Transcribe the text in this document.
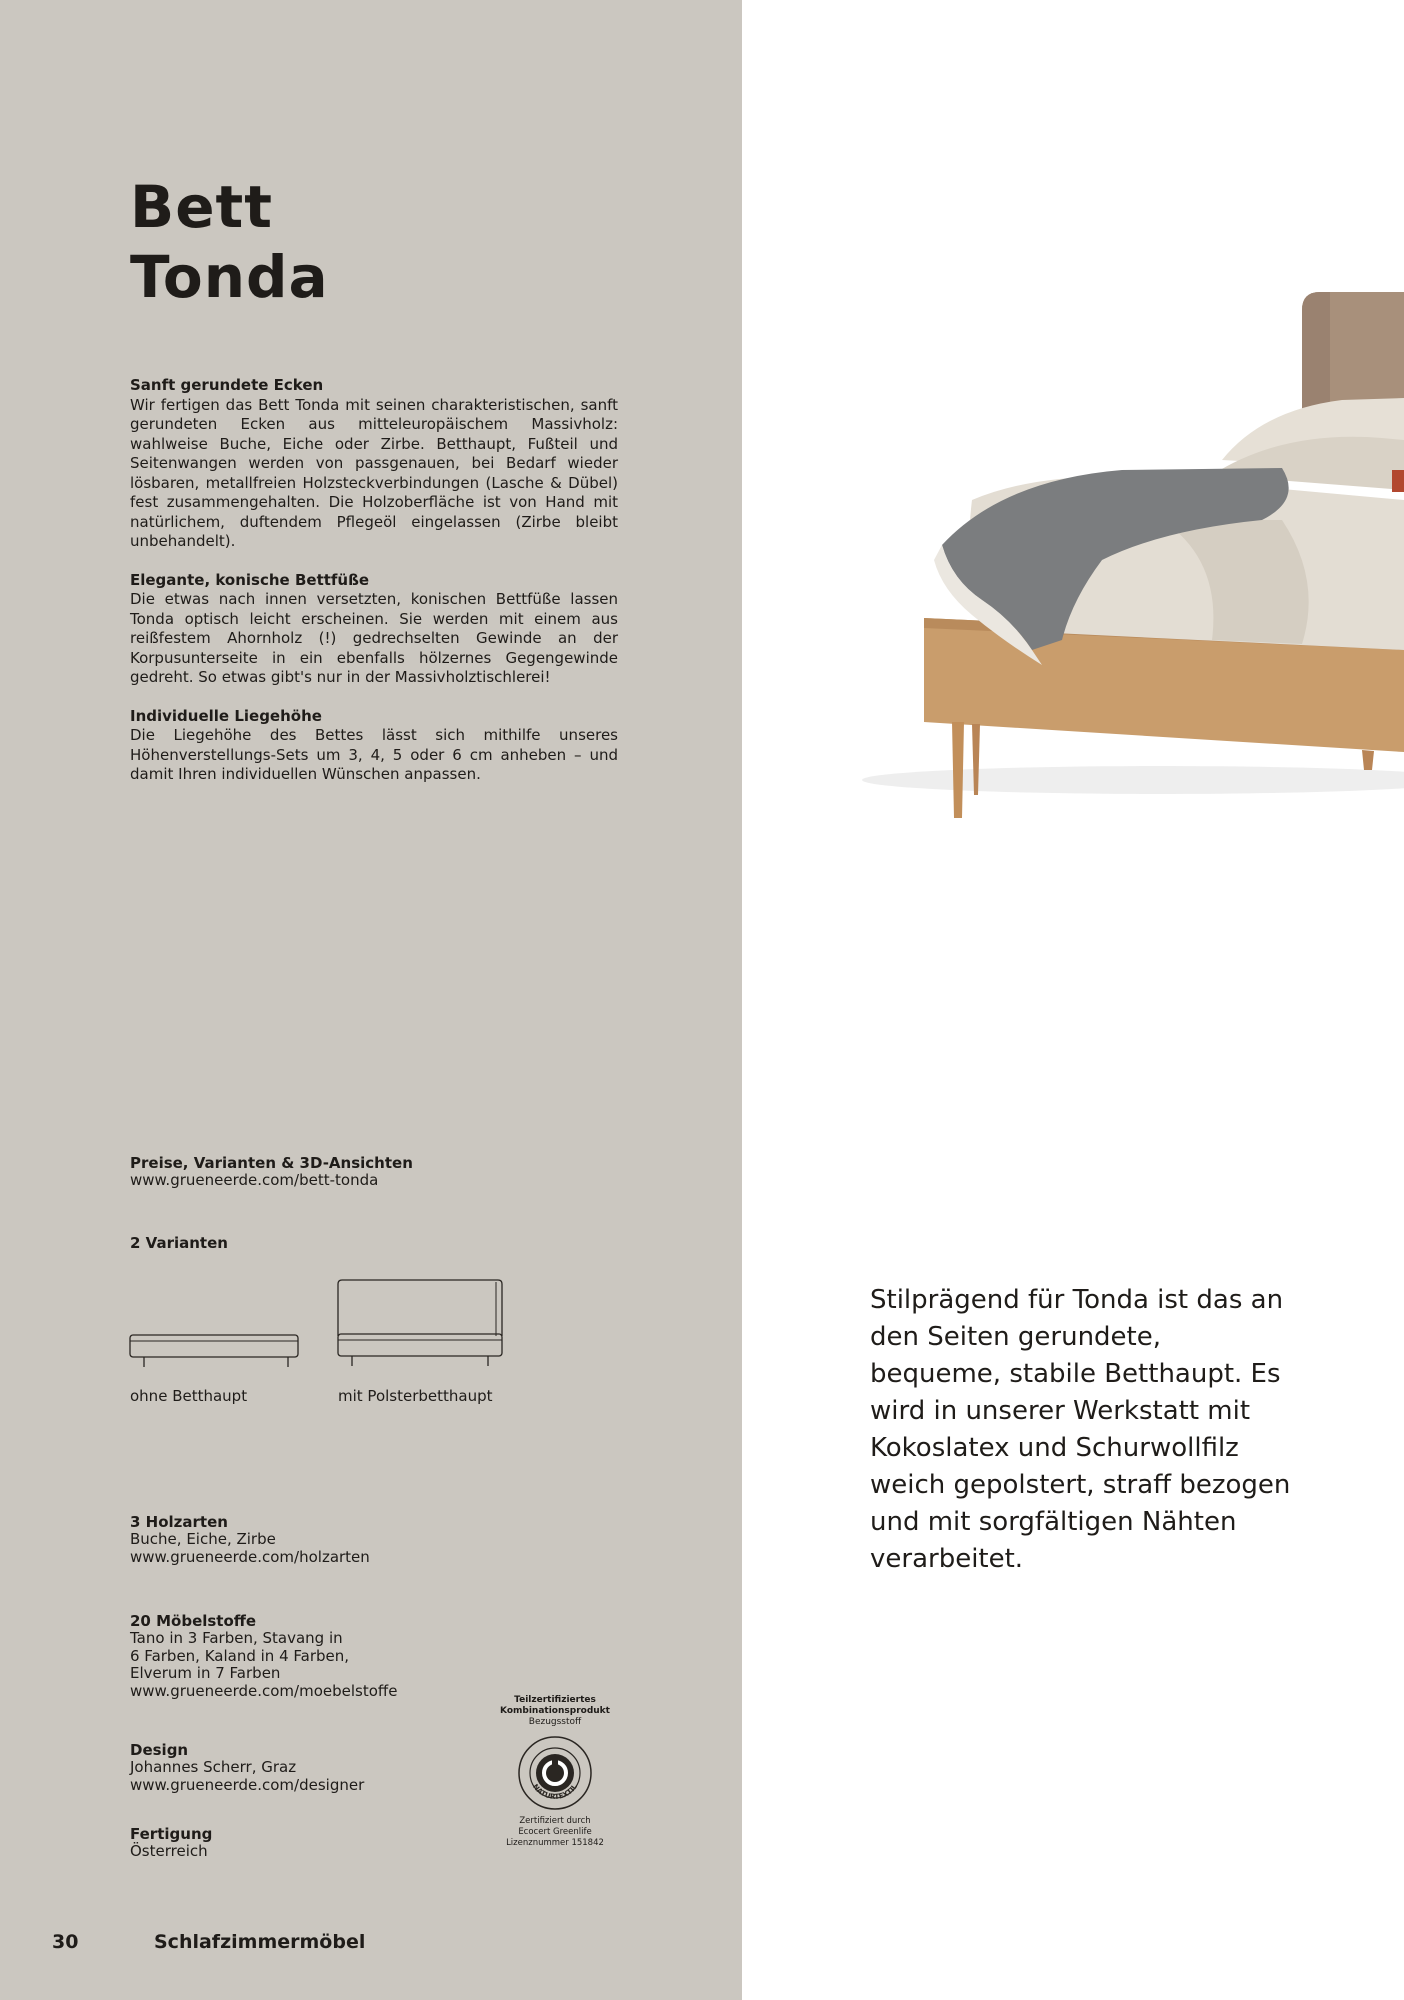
Bett
Tonda
Sanft gerundete Ecken

Wir fertigen das Bett Tonda mit seinen charakteristischen, sanft gerundeten Ecken aus mitteleuropäischem Massivholz: wahlweise Buche, Eiche oder Zirbe. Betthaupt, Fußteil und Seitenwangen werden von passgenauen, bei Bedarf wieder lösbaren, metallfreien Holzsteckverbindungen (Lasche & Dübel) fest zusammengehalten. Die Holzoberfläche ist von Hand mit natürlichem, duftendem Pflegeöl eingelassen (Zirbe bleibt unbehandelt).

Elegante, konische Bettfüße

Die etwas nach innen versetzten, konischen Bettfüße lassen Tonda optisch leicht erscheinen. Sie werden mit einem aus reißfestem Ahornholz (!) gedrechselten Gewinde an der Korpusunterseite in ein ebenfalls hölzernes Gegengewinde gedreht. So etwas gibt's nur in der Massivholztischlerei!

Individuelle Liegehöhe

Die Liegehöhe des Bettes lässt sich mithilfe unseres Höhenverstellungs-Sets um 3, 4, 5 oder 6 cm anheben – und damit Ihren individuellen Wünschen anpassen.

Preise, Varianten & 3D-Ansichten
www.grueneerde.com/bett-tonda
2 Varianten
ohne Betthaupt	mit Polsterbetthaupt
3 Holzarten
Buche, Eiche, Zirbe
www.grueneerde.com/holzarten
20 Möbelstoffe
Tano in 3 Farben, Stavang in
6 Farben, Kaland in 4 Farben,
Elverum in 7 Farben
www.grueneerde.com/moebelstoffe
Design
Johannes Scherr, Graz
www.grueneerde.com/designer
Fertigung
Österreich
Teilzertifiziertes
Kombinationsprodukt
Bezugsstoff
NATURTEXTIL
Zertifiziert durch
Ecocert Greenlife
Lizenznummer 151842
30	Schlafzimmermöbel

Stilprägend für Tonda ist das an den Seiten gerundete, bequeme, stabile Betthaupt. Es wird in unserer Werkstatt mit Kokoslatex und Schurwollfilz weich gepolstert, straff bezogen und mit sorgfältigen Nähten verarbeitet.
